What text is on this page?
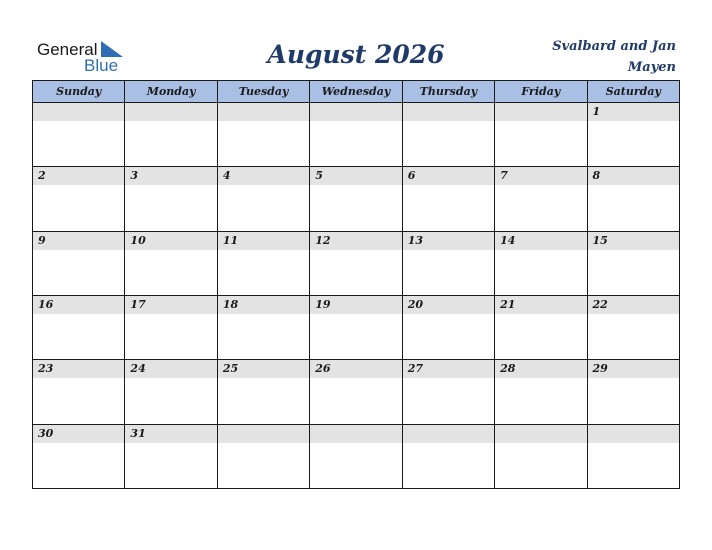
General
Blue	August 2026	Svalbard and Jan Mayen
Sunday	Monday	Tuesday	Wednesday	Thursday	Friday	Saturday

						1

2	3	4	5	6	7	8

9	10	11	12	13	14	15

16	17	18	19	20	21	22

23	24	25	26	27	28	29

30	31					
